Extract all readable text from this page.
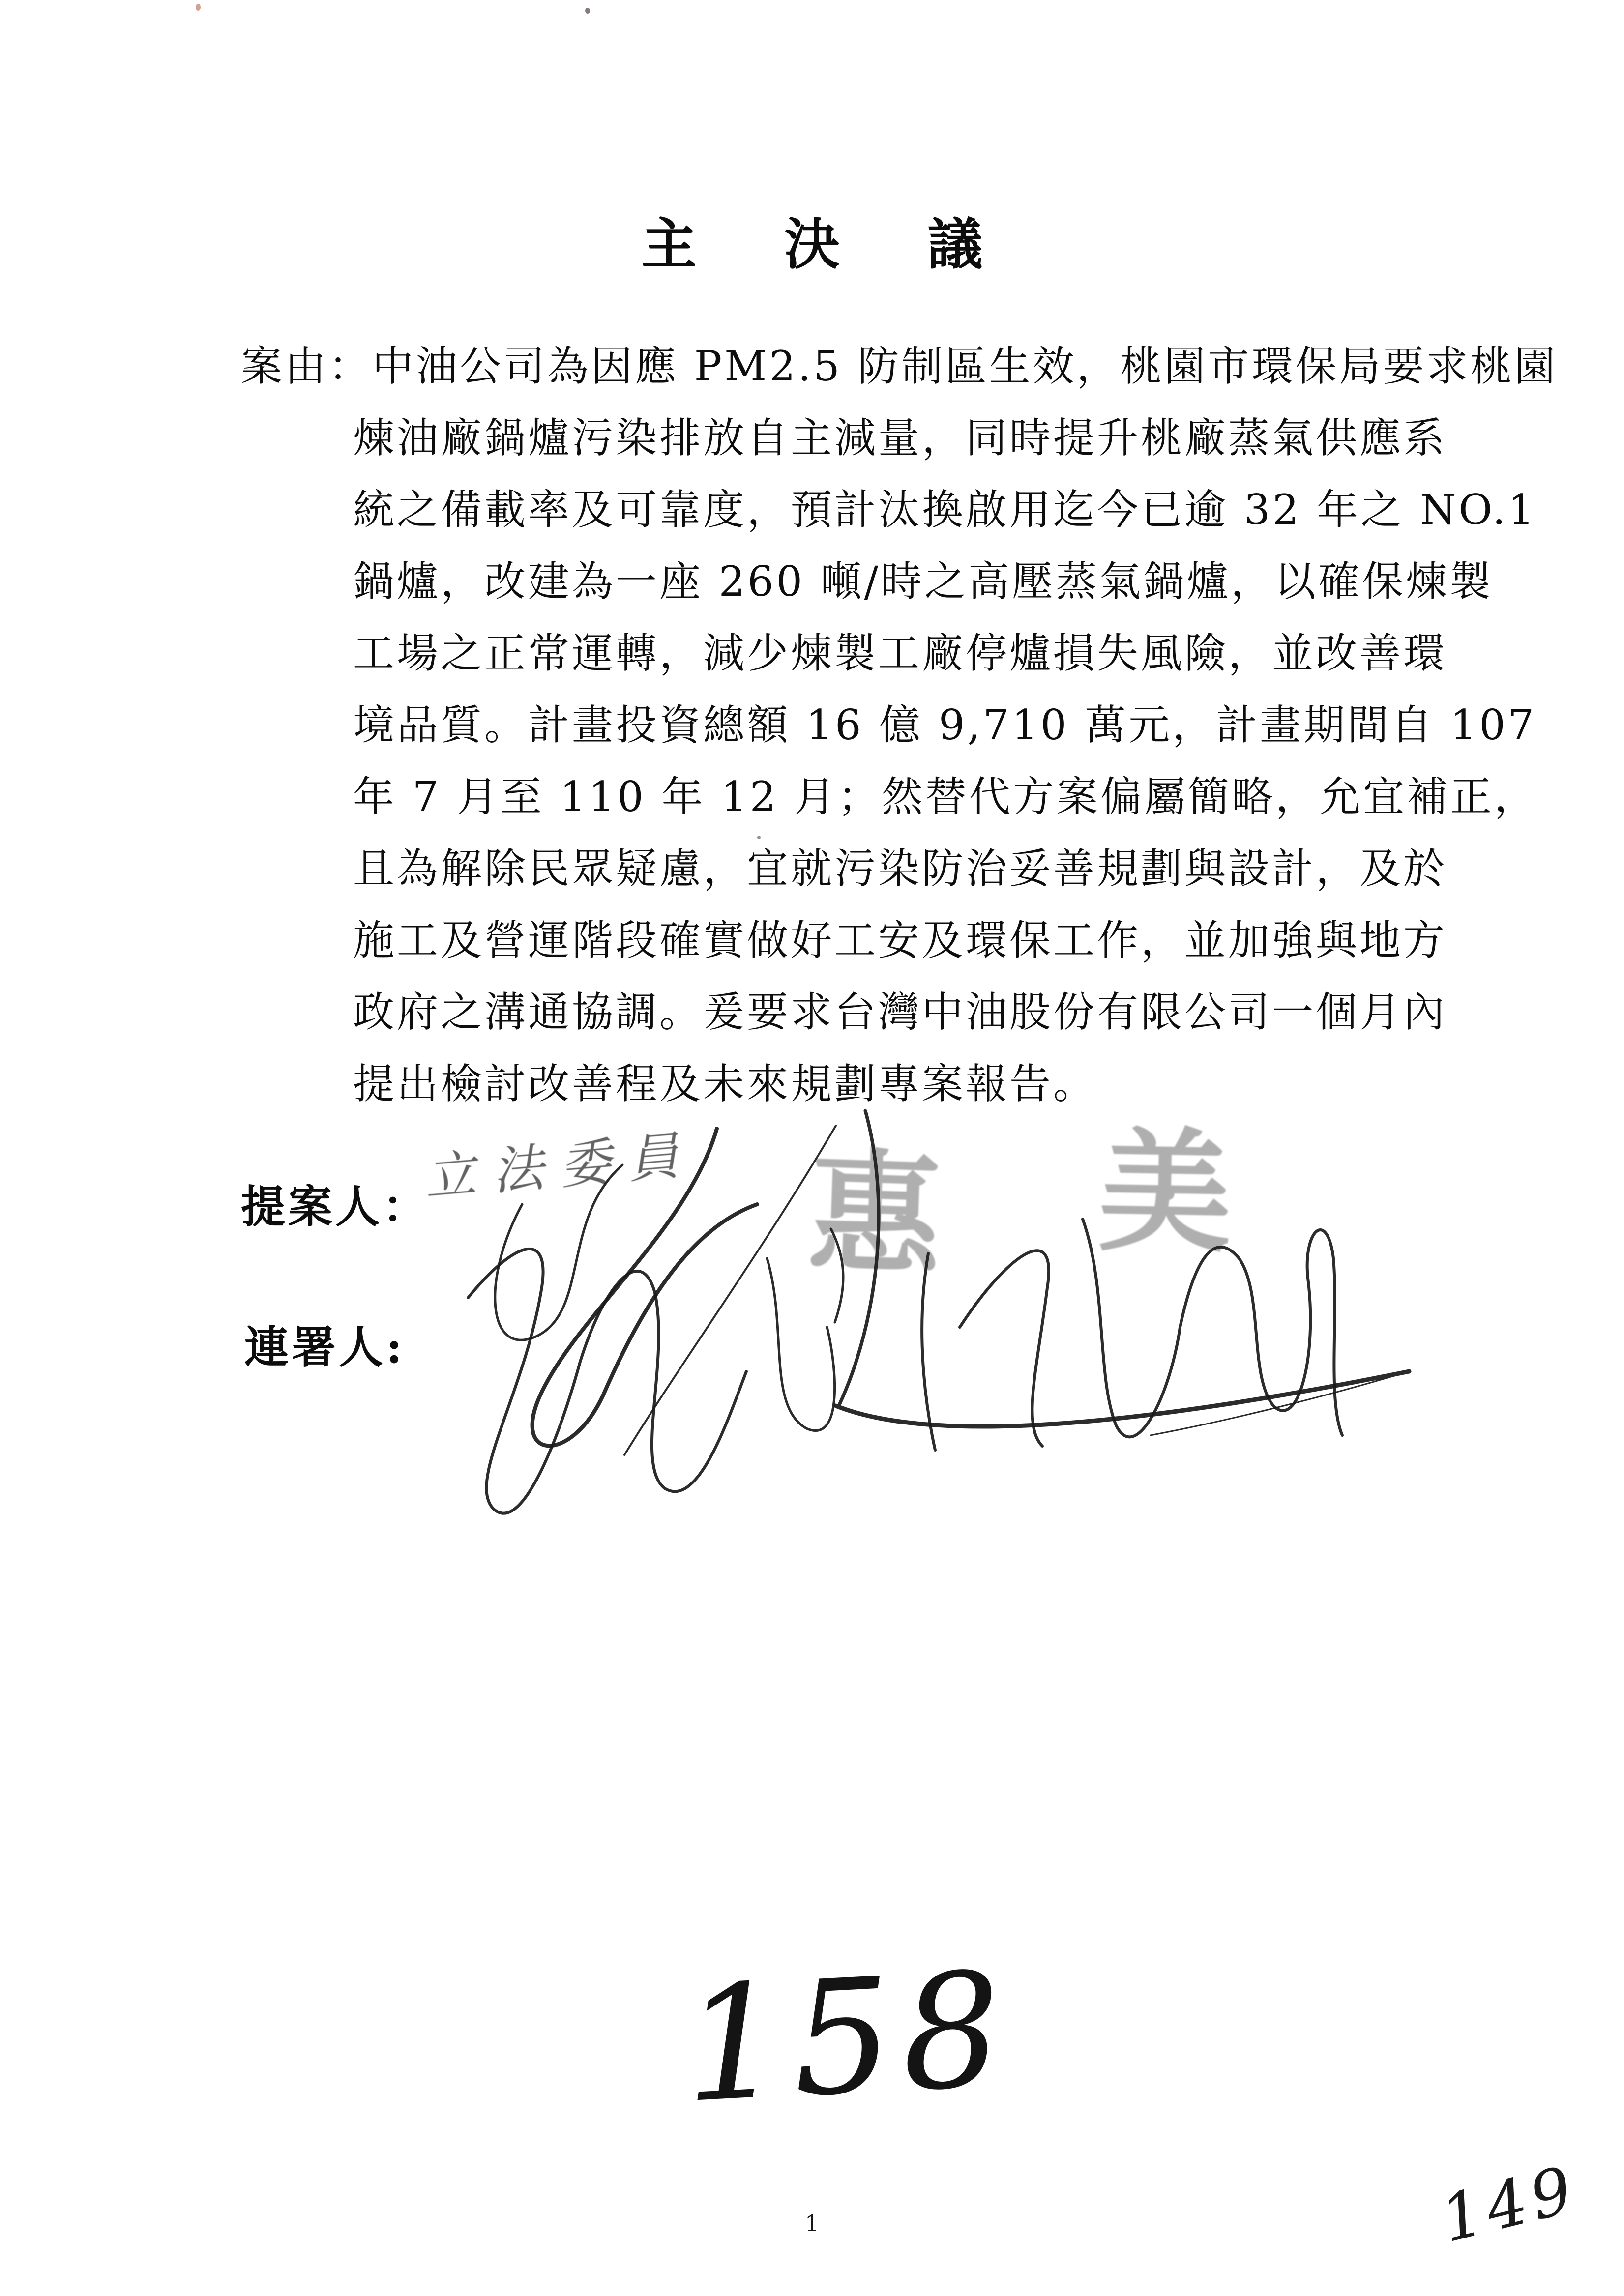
主 決 議
案由：中油公司為因應 PM2.5 防制區生效，桃園市環保局要求桃園
煉油廠鍋爐污染排放自主減量，同時提升桃廠蒸氣供應系
統之備載率及可靠度，預計汰換啟用迄今已逾 32 年之 NO.1
鍋爐，改建為一座 260 噸/時之高壓蒸氣鍋爐，以確保煉製
工場之正常運轉，減少煉製工廠停爐損失風險，並改善環
境品質。計畫投資總額 16 億 9,710 萬元，計畫期間自 107
年 7 月至 110 年 12 月；然替代方案偏屬簡略，允宜補正，
且為解除民眾疑慮，宜就污染防治妥善規劃與設計，及於
施工及營運階段確實做好工安及環保工作，並加強與地方
政府之溝通協調。爰要求台灣中油股份有限公司一個月內
提出檢討改善程及未來規劃專案報告。
提案人：
連署人:
立法委員 惠 美
158
1	149
